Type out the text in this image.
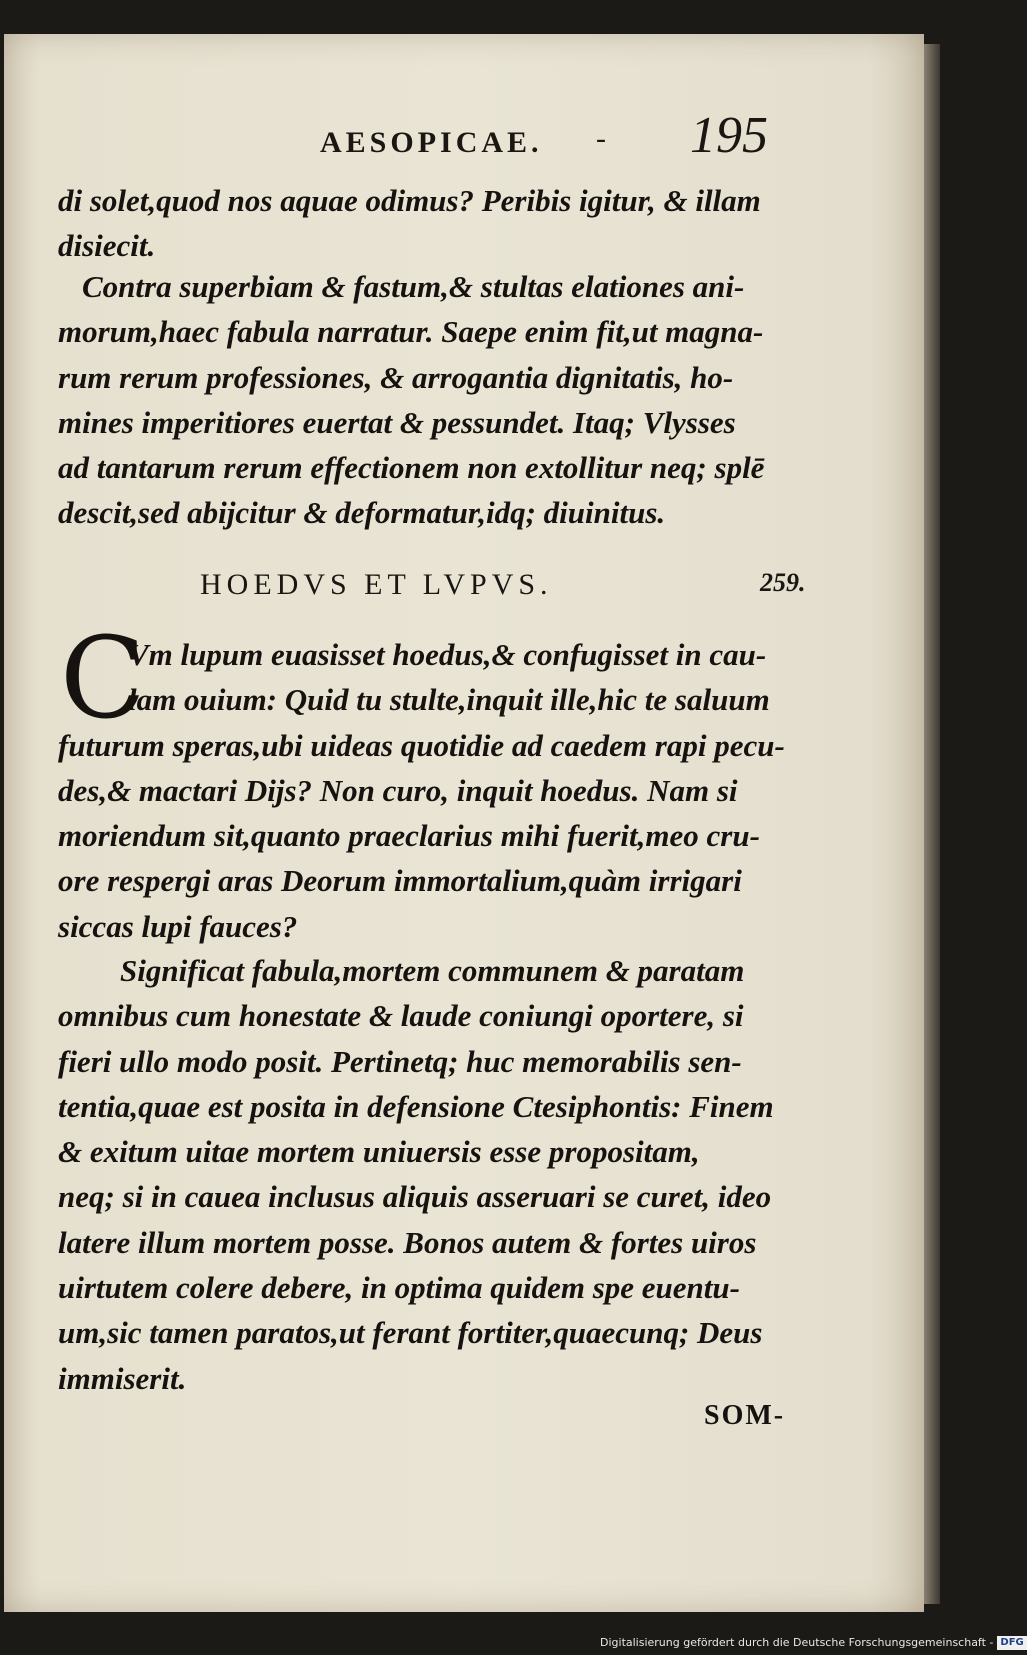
AESOPICAE. - 195
di solet,quod nos aquae odimus? Peribis igitur, & illam
disiecit.
Contra superbiam & fastum,& stultas elationes ani-
morum,haec fabula narratur. Saepe enim fit,ut magna-
rum rerum professiones, & arrogantia dignitatis, ho-
mines imperitiores euertat & pessundet. Itaq; Vlysses
ad tantarum rerum effectionem non extollitur neq; splē
descit,sed abijcitur & deformatur,idq; diuinitus.
HOEDVS ET LVPVS.	259.
C
Vm lupum euasisset hoedus,& confugisset in cau-
lam ouium: Quid tu stulte,inquit ille,hic te saluum
futurum speras,ubi uideas quotidie ad caedem rapi pecu-
des,& mactari Dijs? Non curo, inquit hoedus. Nam si
moriendum sit,quanto praeclarius mihi fuerit,meo cru-
ore respergi aras Deorum immortalium,quàm irrigari
siccas lupi fauces?
Significat fabula,mortem communem & paratam
omnibus cum honestate & laude coniungi oportere, si
fieri ullo modo posit. Pertinetq; huc memorabilis sen-
tentia,quae est posita in defensione Ctesiphontis: Finem
& exitum uitae mortem uniuersis esse propositam,
neq; si in cauea inclusus aliquis asseruari se curet, ideo
latere illum mortem posse. Bonos autem & fortes uiros
uirtutem colere debere, in optima quidem spe euentu-
um,sic tamen paratos,ut ferant fortiter,quaecunq; Deus
immiserit.
SOM-
Digitalisierung gefördert durch die Deutsche Forschungsgemeinschaft - DFG
